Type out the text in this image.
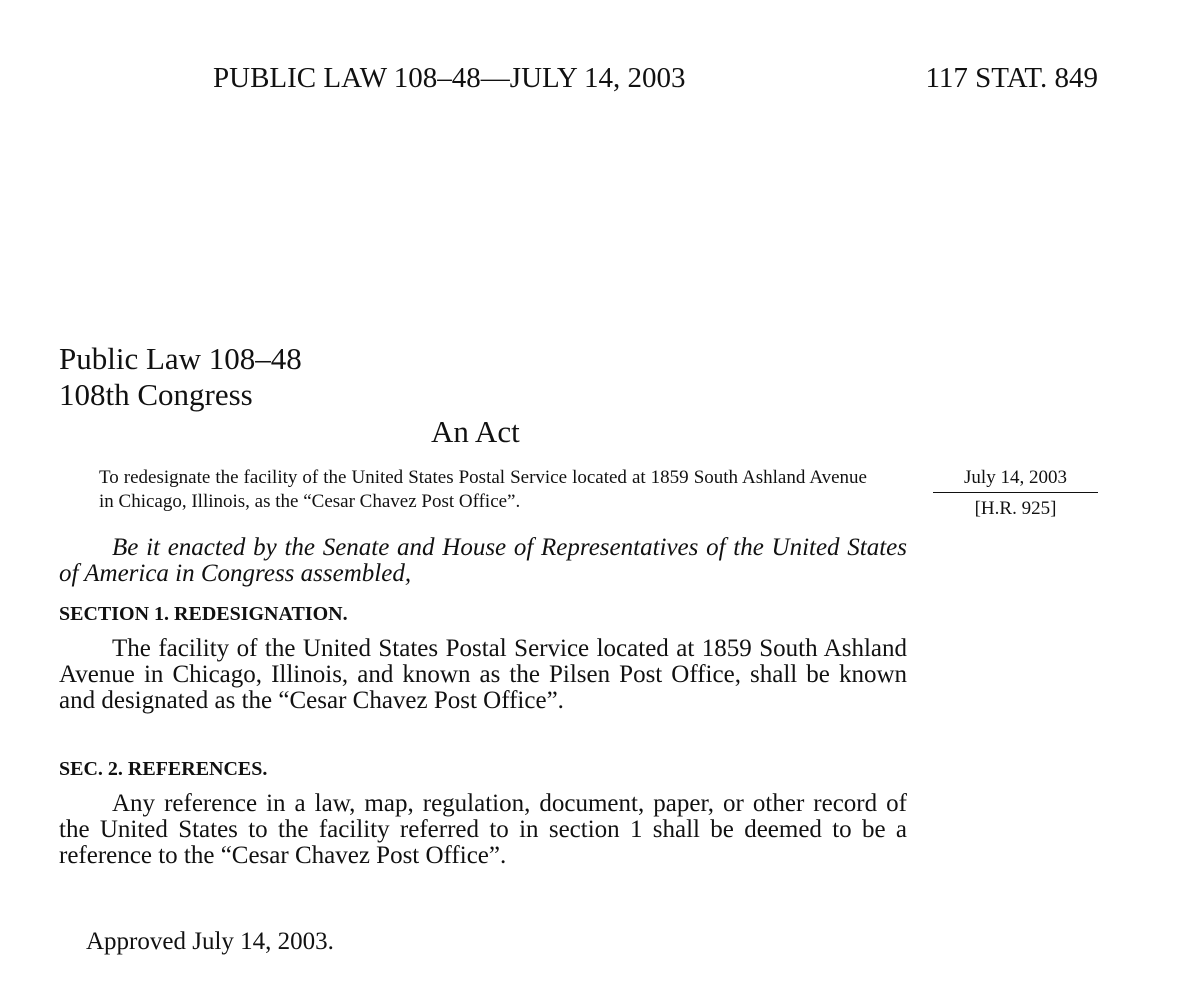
PUBLIC LAW 108–48—JULY 14, 2003	117 STAT. 849
Public Law 108–48
108th Congress
An Act
To redesignate the facility of the United States Postal Service located at 1859 South Ashland Avenue in Chicago, Illinois, as the “Cesar Chavez Post Office”.
July 14, 2003
[H.R. 925]
Be it enacted by the Senate and House of Representatives of the United States of America in Congress assembled,
SECTION 1. REDESIGNATION.
The facility of the United States Postal Service located at 1859 South Ashland Avenue in Chicago, Illinois, and known as the Pilsen Post Office, shall be known and designated as the “Cesar Chavez Post Office”.
SEC. 2. REFERENCES.
Any reference in a law, map, regulation, document, paper, or other record of the United States to the facility referred to in section 1 shall be deemed to be a reference to the “Cesar Chavez Post Office”.
Approved July 14, 2003.
